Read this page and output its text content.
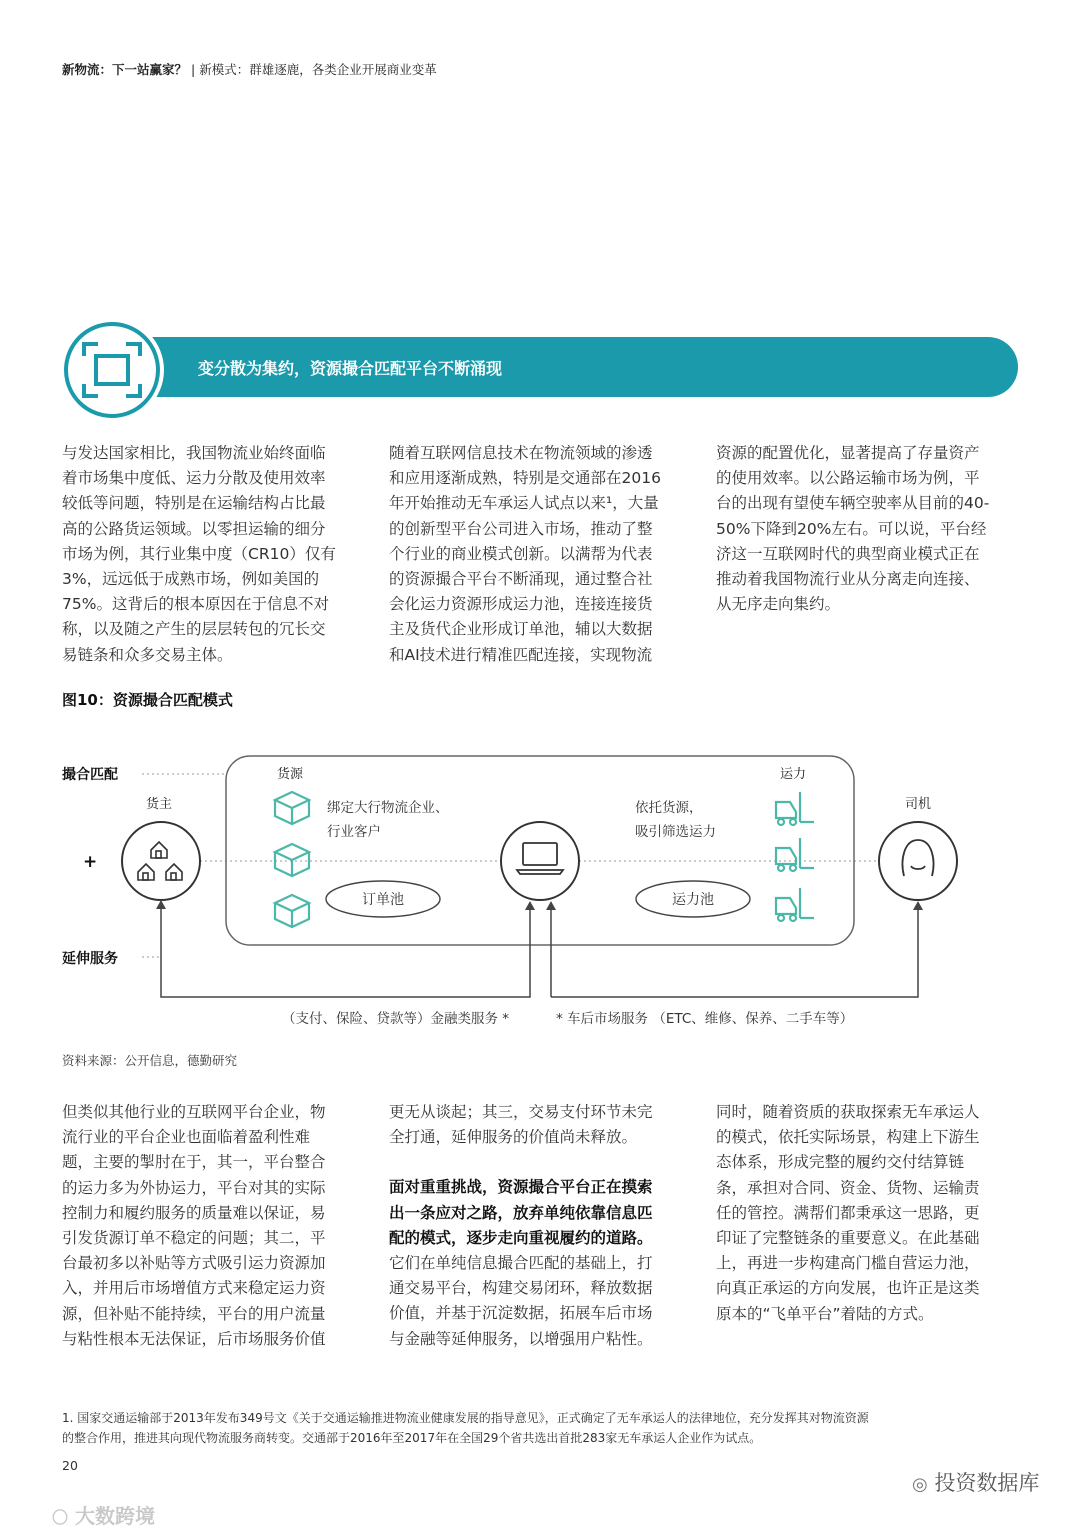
新物流：下一站赢家？ | 新模式：群雄逐鹿，各类企业开展商业变革
变分散为集约，资源撮合匹配平台不断涌现

与发达国家相比，我国物流业始终面临

着市场集中度低、运力分散及使用效率

较低等问题，特别是在运输结构占比最

高的公路货运领域。以零担运输的细分

市场为例，其行业集中度（CR10）仅有

3%，远远低于成熟市场，例如美国的

75%。这背后的根本原因在于信息不对

称，以及随之产生的层层转包的冗长交

易链条和众多交易主体。

随着互联网信息技术在物流领域的渗透

和应用逐渐成熟，特别是交通部在2016

年开始推动无车承运人试点以来¹，大量

的创新型平台公司进入市场，推动了整

个行业的商业模式创新。以满帮为代表

的资源撮合平台不断涌现，通过整合社

会化运力资源形成运力池，连接连接货

主及货代企业形成订单池，辅以大数据

和AI技术进行精准匹配连接，实现物流

资源的配置优化，显著提高了存量资产

的使用效率。以公路运输市场为例，平

台的出现有望使车辆空驶率从目前的40-

50%下降到20%左右。可以说，平台经

济这一互联网时代的典型商业模式正在

推动着我国物流行业从分离走向连接、

从无序走向集约。

图10：资源撮合匹配模式
撮合匹配
+
延伸服务
货主
货源
绑定大行物流企业、
行业客户
订单池
运力
依托货源，
吸引筛选运力
运力池
司机
（支付、保险、贷款等）金融类服务 *	* 车后市场服务 （ETC、维修、保养、二手车等）
资料来源：公开信息，德勤研究

但类似其他行业的互联网平台企业，物

流行业的平台企业也面临着盈利性难

题，主要的掣肘在于，其一，平台整合

的运力多为外协运力，平台对其的实际

控制力和履约服务的质量难以保证，易

引发货源订单不稳定的问题；其二，平

台最初多以补贴等方式吸引运力资源加

入，并用后市场增值方式来稳定运力资

源，但补贴不能持续，平台的用户流量

与粘性根本无法保证，后市场服务价值

更无从谈起；其三，交易支付环节未完

全打通，延伸服务的价值尚未释放。

面对重重挑战，资源撮合平台正在摸索

出一条应对之路，放弃单纯依靠信息匹

配的模式，逐步走向重视履约的道路。

它们在单纯信息撮合匹配的基础上，打

通交易平台，构建交易闭环，释放数据

价值，并基于沉淀数据，拓展车后市场

与金融等延伸服务，以增强用户粘性。

同时，随着资质的获取探索无车承运人

的模式，依托实际场景，构建上下游生

态体系，形成完整的履约交付结算链

条，承担对合同、资金、货物、运输责

任的管控。满帮们都秉承这一思路，更

印证了完整链条的重要意义。在此基础

上，再进一步构建高门槛自营运力池，

向真正承运的方向发展，也许正是这类

原本的“飞单平台”着陆的方式。

1. 国家交通运输部于2013年发布349号文《关于交通运输推进物流业健康发展的指导意见》，正式确定了无车承运人的法律地位，充分发挥其对物流资源
的整合作用，推进其向现代物流服务商转变。交通部于2016年至2017年在全国29个省共选出首批283家无车承运人企业作为试点。
20
◎ 投资数据库
〇 大数跨境
